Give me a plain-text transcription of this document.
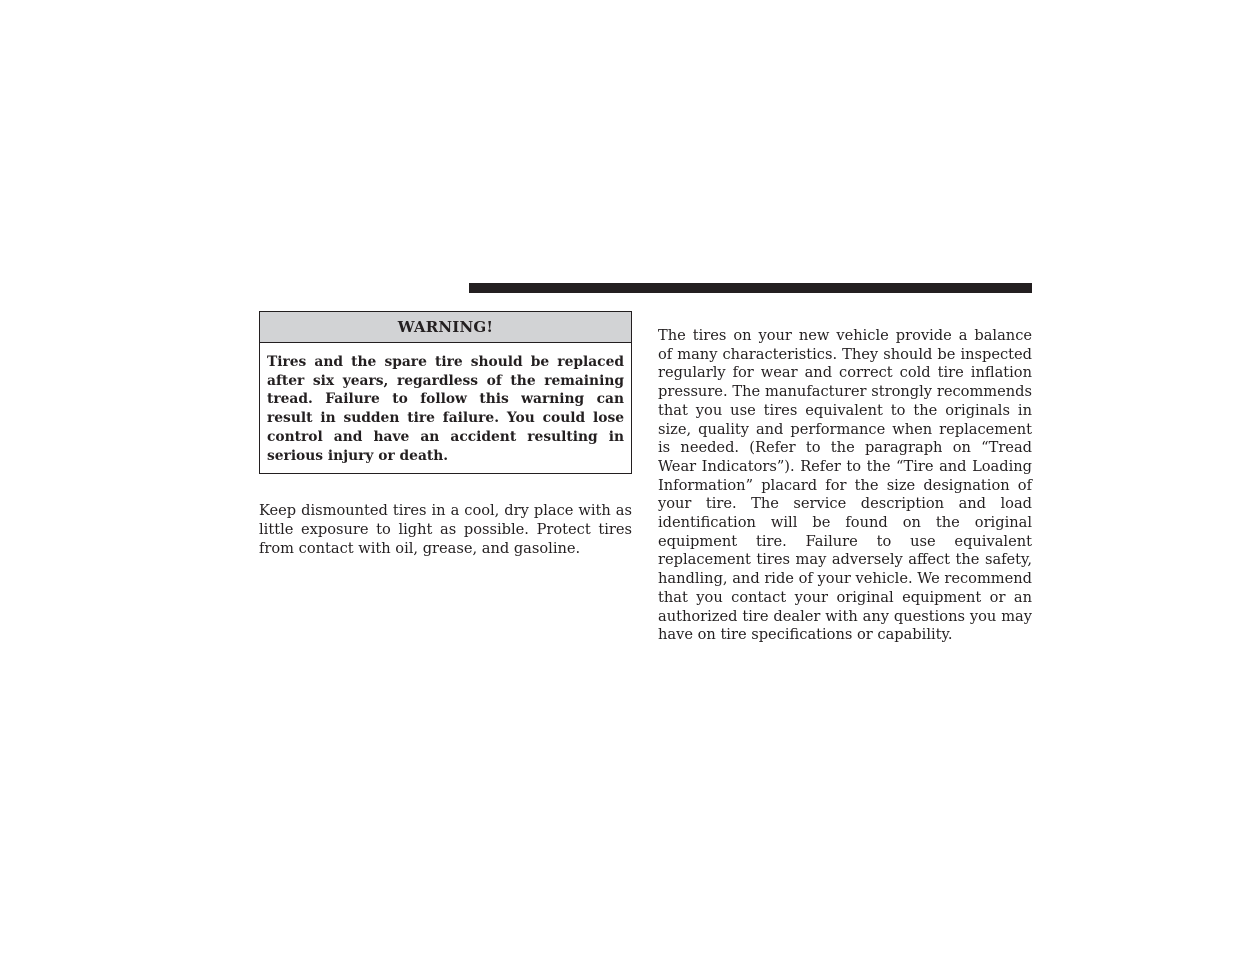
WARNING!
Tires and the spare tire should be replaced after six years, regardless of the remaining tread. Failure to follow this warning can result in sudden tire failure. You could lose control and have an accident resulting in serious injury or death.

Keep dismounted tires in a cool, dry place with as little exposure to light as possible. Protect tires from contact with oil, grease, and gasoline.

The tires on your new vehicle provide a balance of many characteristics. They should be inspected regularly for wear and correct cold tire inflation pressure. The manufacturer strongly recommends that you use tires equivalent to the originals in size, quality and performance when replacement is needed. (Refer to the paragraph on “Tread Wear Indicators”). Refer to the “Tire and Loading Information” placard for the size designation of your tire. The service description and load identification will be found on the original equipment tire. Failure to use equivalent replacement tires may adversely affect the safety, handling, and ride of your vehicle. We recommend that you contact your original equipment or an authorized tire dealer with any questions you may have on tire specifications or capability.
